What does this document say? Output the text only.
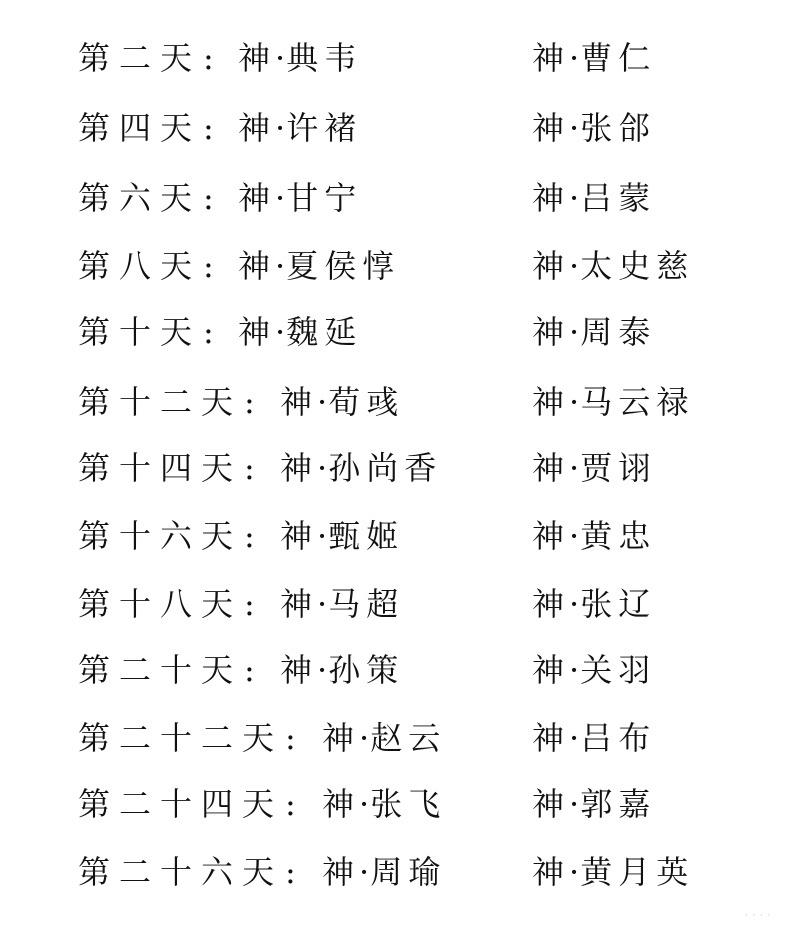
第二天: 神·典韦	神·曹仁
第四天: 神·许褚	神·张郃
第六天: 神·甘宁	神·吕蒙
第八天: 神·夏侯惇	神·太史慈
第十天: 神·魏延	神·周泰
第十二天: 神·荀彧	神·马云禄
第十四天: 神·孙尚香	神·贾诩
第十六天: 神·甄姬	神·黄忠
第十八天: 神·马超	神·张辽
第二十天: 神·孙策	神·关羽
第二十二天: 神·赵云	神·吕布
第二十四天: 神·张飞	神·郭嘉
第二十六天: 神·周瑜	神·黄月英
· · · ·
